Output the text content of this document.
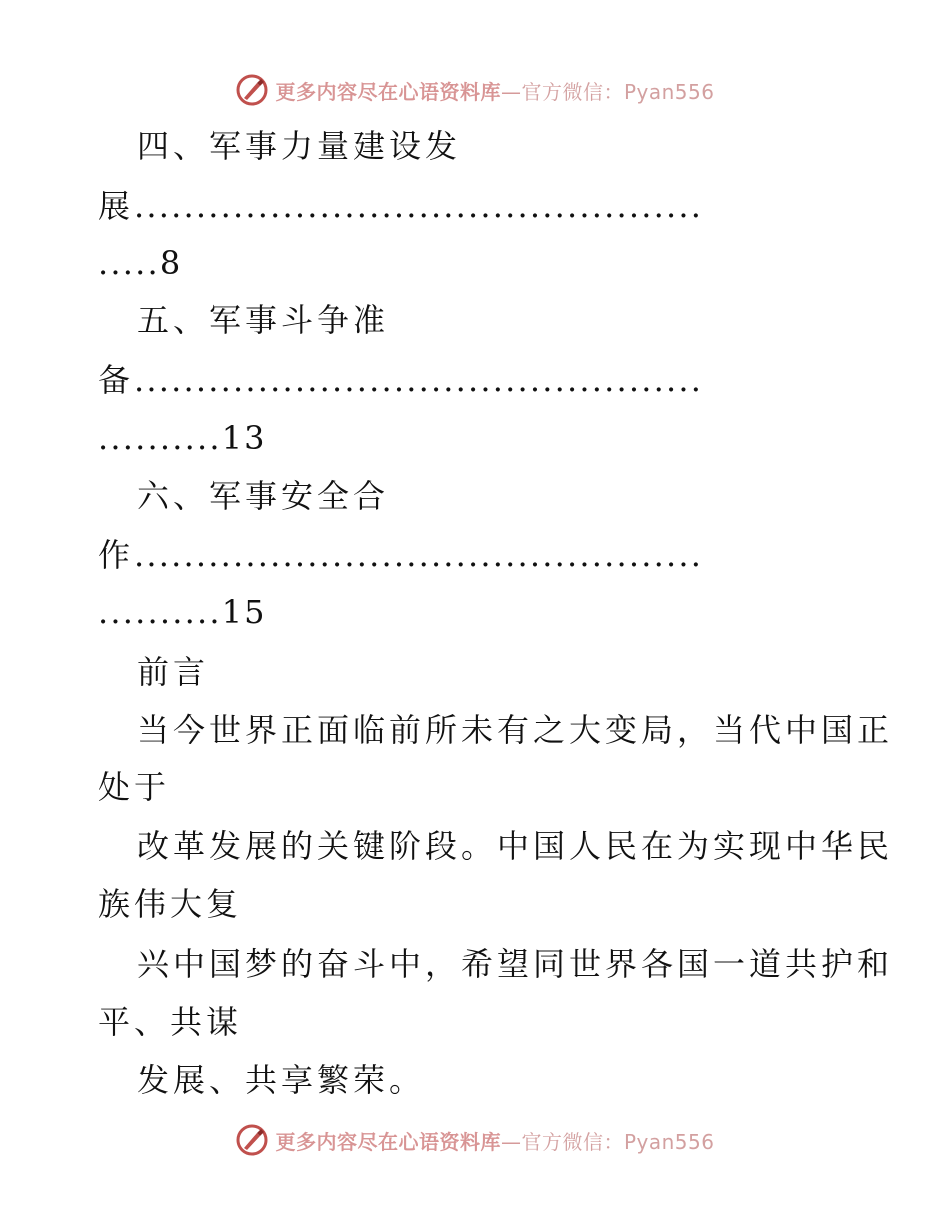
更多内容尽在心语资料库—官方微信：Pyan556
四、军事力量建设发
展..............................................
.....8
五、军事斗争准
备..............................................
..........13
六、军事安全合
作..............................................
..........15
前言
当今世界正面临前所未有之大变局，当代中国正
处于
改革发展的关键阶段。中国人民在为实现中华民
族伟大复
兴中国梦的奋斗中，希望同世界各国一道共护和
平、共谋
发展、共享繁荣。
更多内容尽在心语资料库—官方微信：Pyan556
